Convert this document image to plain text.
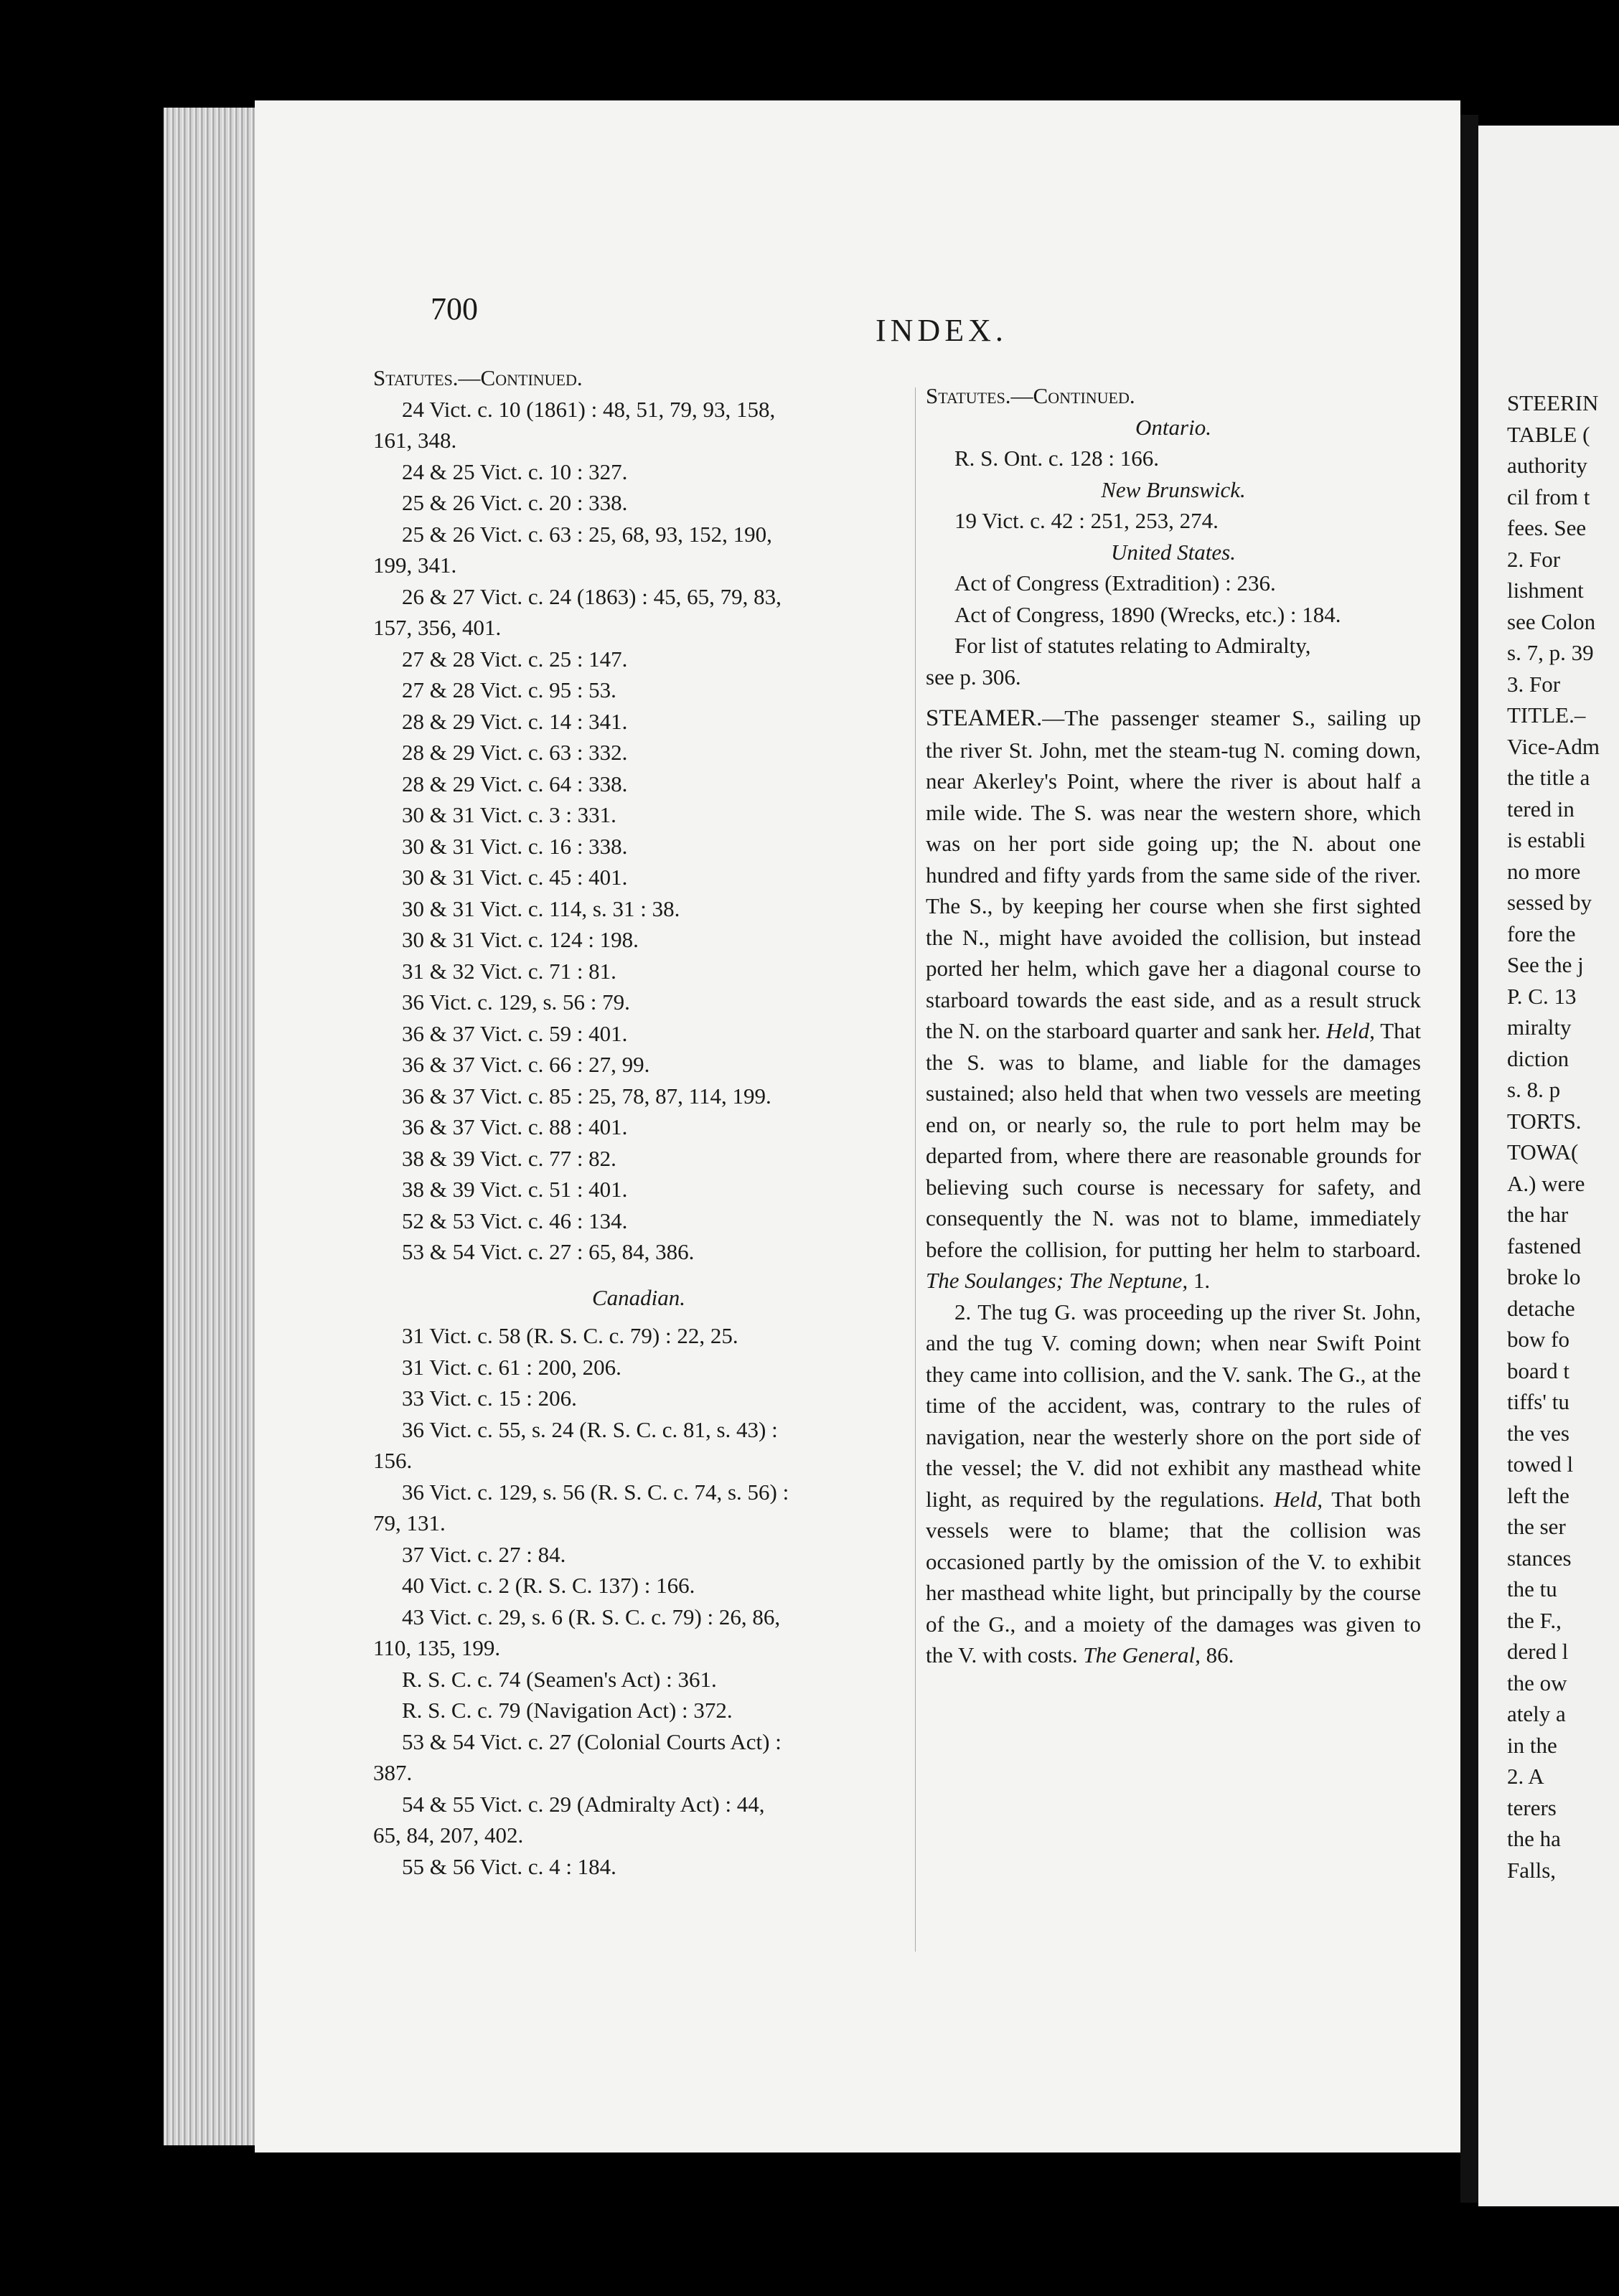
700
INDEX.
Statutes.—Continued.
24 Vict. c. 10 (1861) : 48, 51, 79, 93, 158,
161, 348.
24 & 25 Vict. c. 10 : 327.
25 & 26 Vict. c. 20 : 338.
25 & 26 Vict. c. 63 : 25, 68, 93, 152, 190,
199, 341.
26 & 27 Vict. c. 24 (1863) : 45, 65, 79, 83,
157, 356, 401.
27 & 28 Vict. c. 25 : 147.
27 & 28 Vict. c. 95 : 53.
28 & 29 Vict. c. 14 : 341.
28 & 29 Vict. c. 63 : 332.
28 & 29 Vict. c. 64 : 338.
30 & 31 Vict. c. 3 : 331.
30 & 31 Vict. c. 16 : 338.
30 & 31 Vict. c. 45 : 401.
30 & 31 Vict. c. 114, s. 31 : 38.
30 & 31 Vict. c. 124 : 198.
31 & 32 Vict. c. 71 : 81.
36 Vict. c. 129, s. 56 : 79.
36 & 37 Vict. c. 59 : 401.
36 & 37 Vict. c. 66 : 27, 99.
36 & 37 Vict. c. 85 : 25, 78, 87, 114, 199.
36 & 37 Vict. c. 88 : 401.
38 & 39 Vict. c. 77 : 82.
38 & 39 Vict. c. 51 : 401.
52 & 53 Vict. c. 46 : 134.
53 & 54 Vict. c. 27 : 65, 84, 386.
Canadian.
31 Vict. c. 58 (R. S. C. c. 79) : 22, 25.
31 Vict. c. 61 : 200, 206.
33 Vict. c. 15 : 206.
36 Vict. c. 55, s. 24 (R. S. C. c. 81, s. 43) :
156.
36 Vict. c. 129, s. 56 (R. S. C. c. 74, s. 56) :
79, 131.
37 Vict. c. 27 : 84.
40 Vict. c. 2 (R. S. C. 137) : 166.
43 Vict. c. 29, s. 6 (R. S. C. c. 79) : 26, 86,
110, 135, 199.
R. S. C. c. 74 (Seamen's Act) : 361.
R. S. C. c. 79 (Navigation Act) : 372.
53 & 54 Vict. c. 27 (Colonial Courts Act) :
387.
54 & 55 Vict. c. 29 (Admiralty Act) : 44,
65, 84, 207, 402.
55 & 56 Vict. c. 4 : 184.
Statutes.—Continued.
Ontario.
R. S. Ont. c. 128 : 166.
New Brunswick.
19 Vict. c. 42 : 251, 253, 274.
United States.
Act of Congress (Extradition) : 236.
Act of Congress, 1890 (Wrecks, etc.) : 184.
For list of statutes relating to Admiralty,
see p. 306.
STEAMER.—The passenger steamer S., sailing up the river St. John, met the steam-tug N. coming down, near Akerley's Point, where the river is about half a mile wide. The S. was near the western shore, which was on her port side going up; the N. about one hundred and fifty yards from the same side of the river. The S., by keeping her course when she first sighted the N., might have avoided the collision, but instead ported her helm, which gave her a diagonal course to starboard towards the east side, and as a result struck the N. on the starboard quarter and sank her. Held, That the S. was to blame, and liable for the damages sustained; also held that when two vessels are meeting end on, or nearly so, the rule to port helm may be departed from, where there are reasonable grounds for believing such course is necessary for safety, and consequently the N. was not to blame, immediately before the collision, for putting her helm to starboard. The Soulanges; The Neptune, 1.
2. The tug G. was proceeding up the river St. John, and the tug V. coming down; when near Swift Point they came into collision, and the V. sank. The G., at the time of the accident, was, contrary to the rules of navigation, near the westerly shore on the port side of the vessel; the V. did not exhibit any masthead white light, as required by the regulations. Held, That both vessels were to blame; that the collision was occasioned partly by the omission of the V. to exhibit her masthead white light, but principally by the course of the G., and a moiety of the damages was given to the V. with costs. The General, 86.
STEERIN
TABLE (
authority
cil from t
fees. See
2. For
lishment
see Colon
s. 7, p. 39
3. For
TITLE.–
Vice-Adm
the title a
tered in
is establi
no more
sessed by
fore the
See the j
P. C. 13
miralty
diction
s. 8. p
TORTS.
TOWA(
A.) were
the har
fastened
broke lo
detache
bow fo
board t
tiffs' tu
the ves
towed l
left the
the ser
stances
the tu
the F.,
dered l
the ow
ately a
in the
2. A
terers
the ha
Falls,
